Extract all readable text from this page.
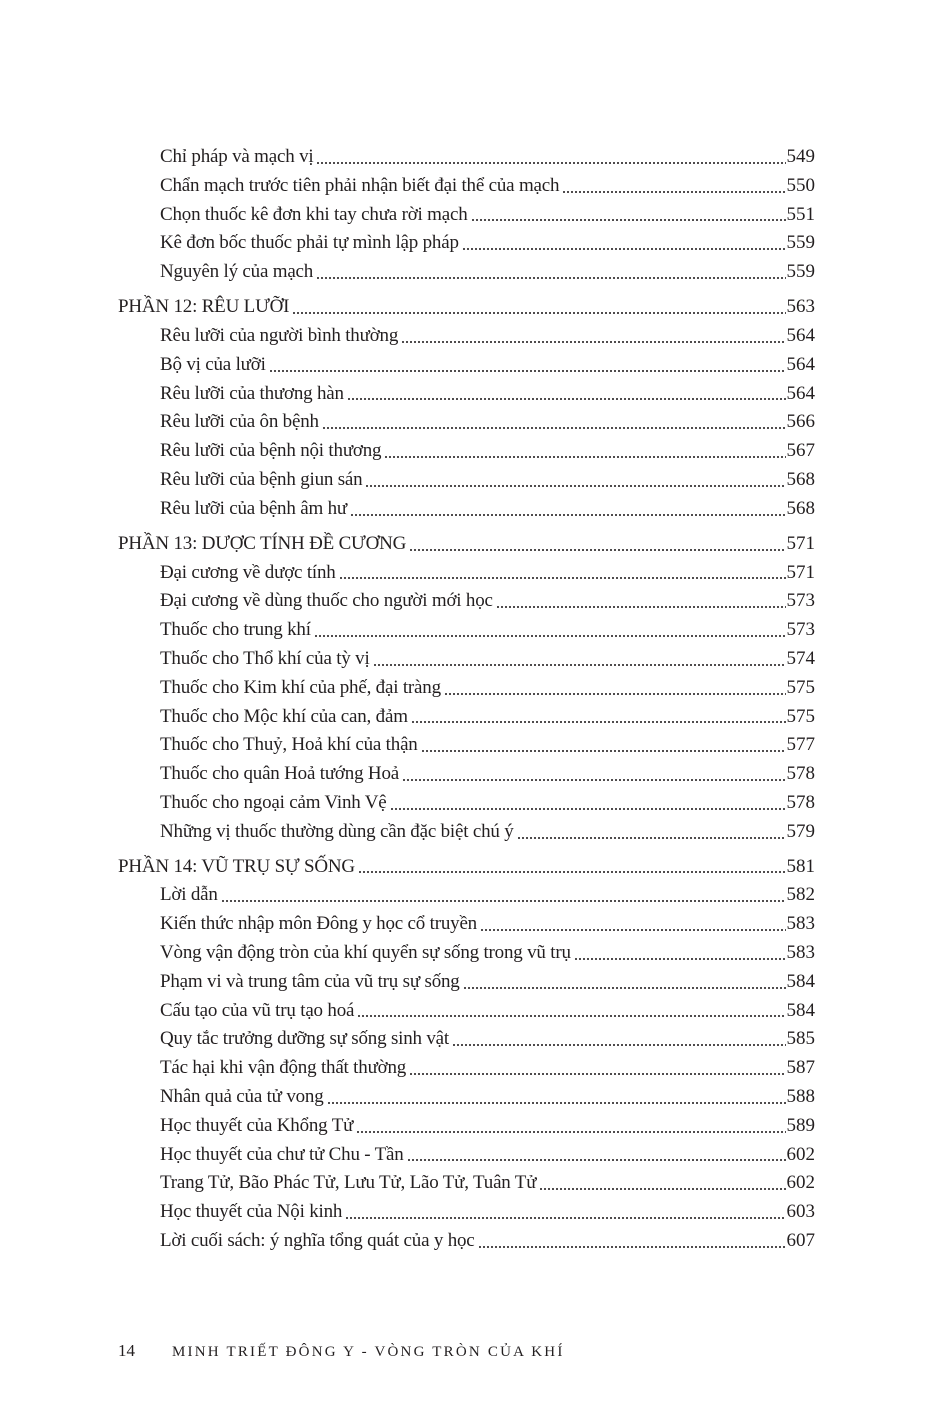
Chỉ pháp và mạch vị	549
Chẩn mạch trước tiên phải nhận biết đại thể của mạch	550
Chọn thuốc kê đơn khi tay chưa rời mạch	551
Kê đơn bốc thuốc phải tự mình lập pháp	559
Nguyên lý của mạch	559
PHẦN 12: RÊU LƯỠI	563
Rêu lưỡi của người bình thường	564
Bộ vị của lưỡi	564
Rêu lưỡi của thương hàn	564
Rêu lưỡi của ôn bệnh	566
Rêu lưỡi của bệnh nội thương	567
Rêu lưỡi của bệnh giun sán	568
Rêu lưỡi của bệnh âm hư	568
PHẦN 13: DƯỢC TÍNH ĐỀ CƯƠNG	571
Đại cương về dược tính	571
Đại cương về dùng thuốc cho người mới học	573
Thuốc cho trung khí	573
Thuốc cho Thổ khí của tỳ vị	574
Thuốc cho Kim khí của phế, đại tràng	575
Thuốc cho Mộc khí của can, đảm	575
Thuốc cho Thuỷ, Hoả khí của thận	577
Thuốc cho quân Hoả tướng Hoả	578
Thuốc cho ngoại cảm Vinh Vệ	578
Những vị thuốc thường dùng cần đặc biệt chú ý	579
PHẦN 14: VŨ TRỤ SỰ SỐNG	581
Lời dẫn	582
Kiến thức nhập môn Đông y học cổ truyền	583
Vòng vận động tròn của khí quyển sự sống trong vũ trụ	583
Phạm vi và trung tâm của vũ trụ sự sống	584
Cấu tạo của vũ trụ tạo hoá	584
Quy tắc trưởng dưỡng sự sống sinh vật	585
Tác hại khi vận động thất thường	587
Nhân quả của tử vong	588
Học thuyết của Khổng Tử	589
Học thuyết của chư tử Chu - Tần	602
Trang Tử, Bão Phác Tử, Lưu Tử, Lão Tử, Tuân Tử	602
Học thuyết của Nội kinh	603
Lời cuối sách: ý nghĩa tổng quát của y học	607
14	MINH TRIẾT ĐÔNG Y - VÒNG TRÒN CỦA KHÍ
